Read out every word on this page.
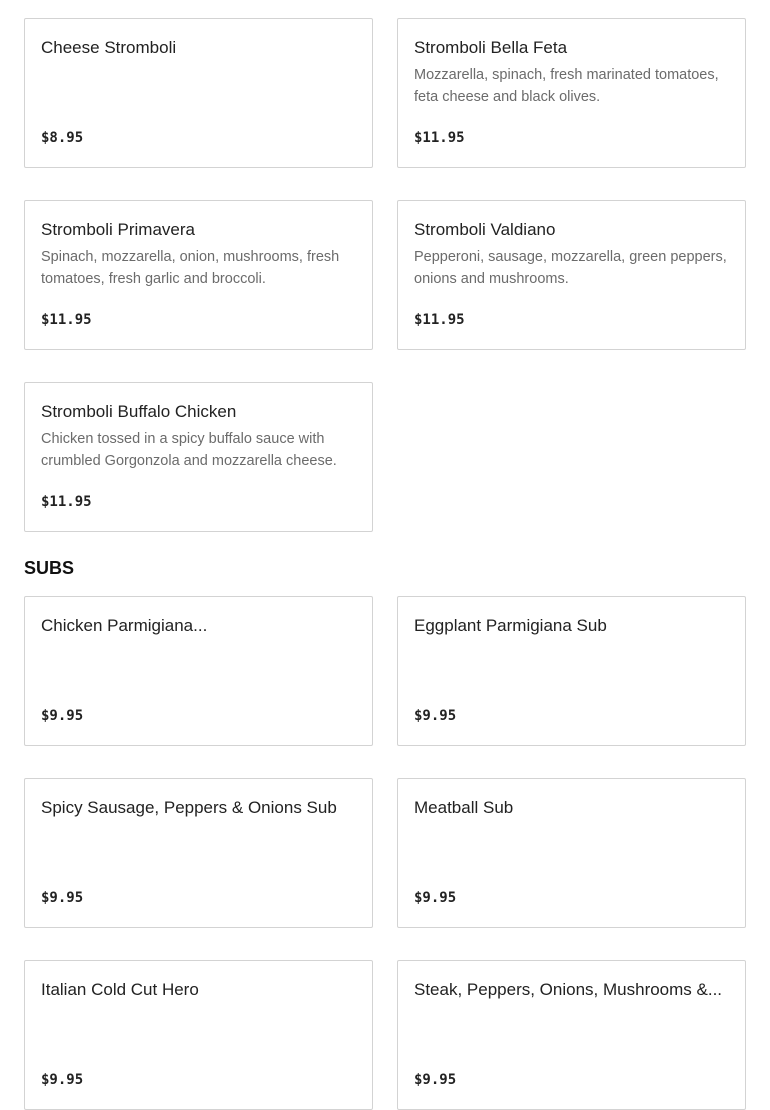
Cheese Stromboli
$8.95
Stromboli Bella Feta
Mozzarella, spinach, fresh marinated tomatoes, feta cheese and black olives.
$11.95
Stromboli Primavera
Spinach, mozzarella, onion, mushrooms, fresh tomatoes, fresh garlic and broccoli.
$11.95
Stromboli Valdiano
Pepperoni, sausage, mozzarella, green peppers, onions and mushrooms.
$11.95
Stromboli Buffalo Chicken
Chicken tossed in a spicy buffalo sauce with crumbled Gorgonzola and mozzarella cheese.
$11.95
SUBS
Chicken Parmigiana...
$9.95
Eggplant Parmigiana Sub
$9.95
Spicy Sausage, Peppers & Onions Sub
$9.95
Meatball Sub
$9.95
Italian Cold Cut Hero
$9.95
Steak, Peppers, Onions, Mushrooms &...
$9.95
